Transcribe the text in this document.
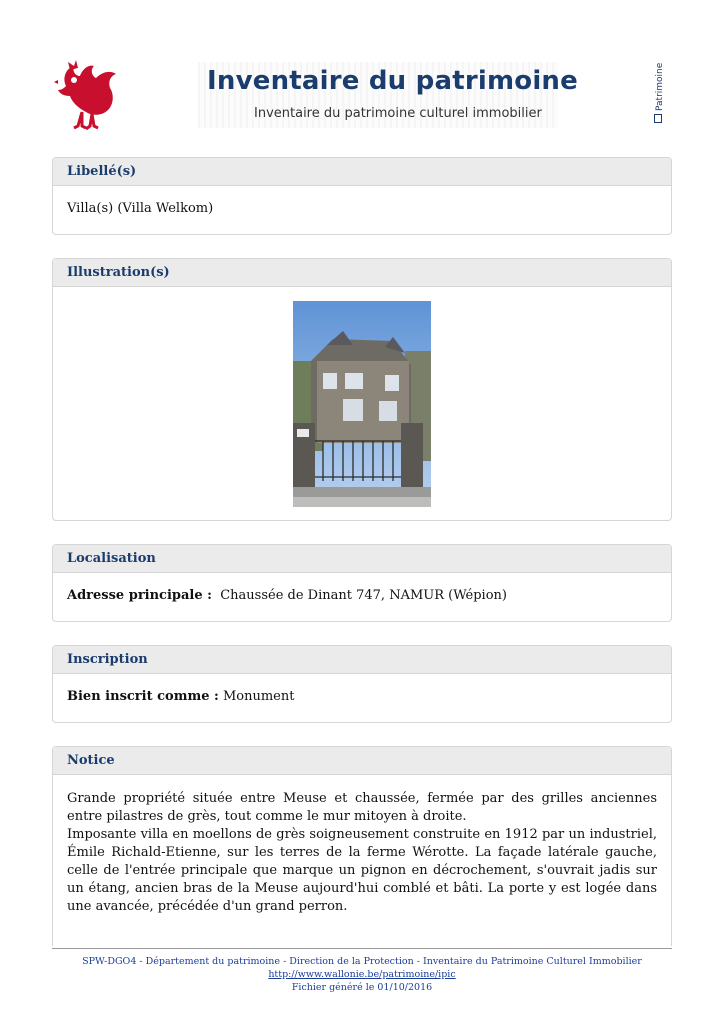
Inventaire du patrimoine
Inventaire du patrimoine culturel immobilier
Patrimoine
Libellé(s)
Villa(s) (Villa Welkom)
Illustration(s)
Localisation
Adresse principale : Chaussée de Dinant 747, NAMUR (Wépion)
Inscription
Bien inscrit comme : Monument
Notice

Grande propriété située entre Meuse et chaussée, fermée par des grilles anciennes entre pilastres de grès, tout comme le mur mitoyen à droite.

Imposante villa en moellons de grès soigneusement construite en 1912 par un industriel, Émile Richald-Etienne, sur les terres de la ferme Wérotte. La façade latérale gauche, celle de l'entrée principale que marque un pignon en décrochement, s'ouvrait jadis sur un étang, ancien bras de la Meuse aujourd'hui comblé et bâti. La porte y est logée dans une avancée, précédée d'un grand perron.

SPW-DGO4 - Département du patrimoine - Direction de la Protection - Inventaire du Patrimoine Culturel Immobilier
http://www.wallonie.be/patrimoine/ipic
Fichier généré le 01/10/2016
